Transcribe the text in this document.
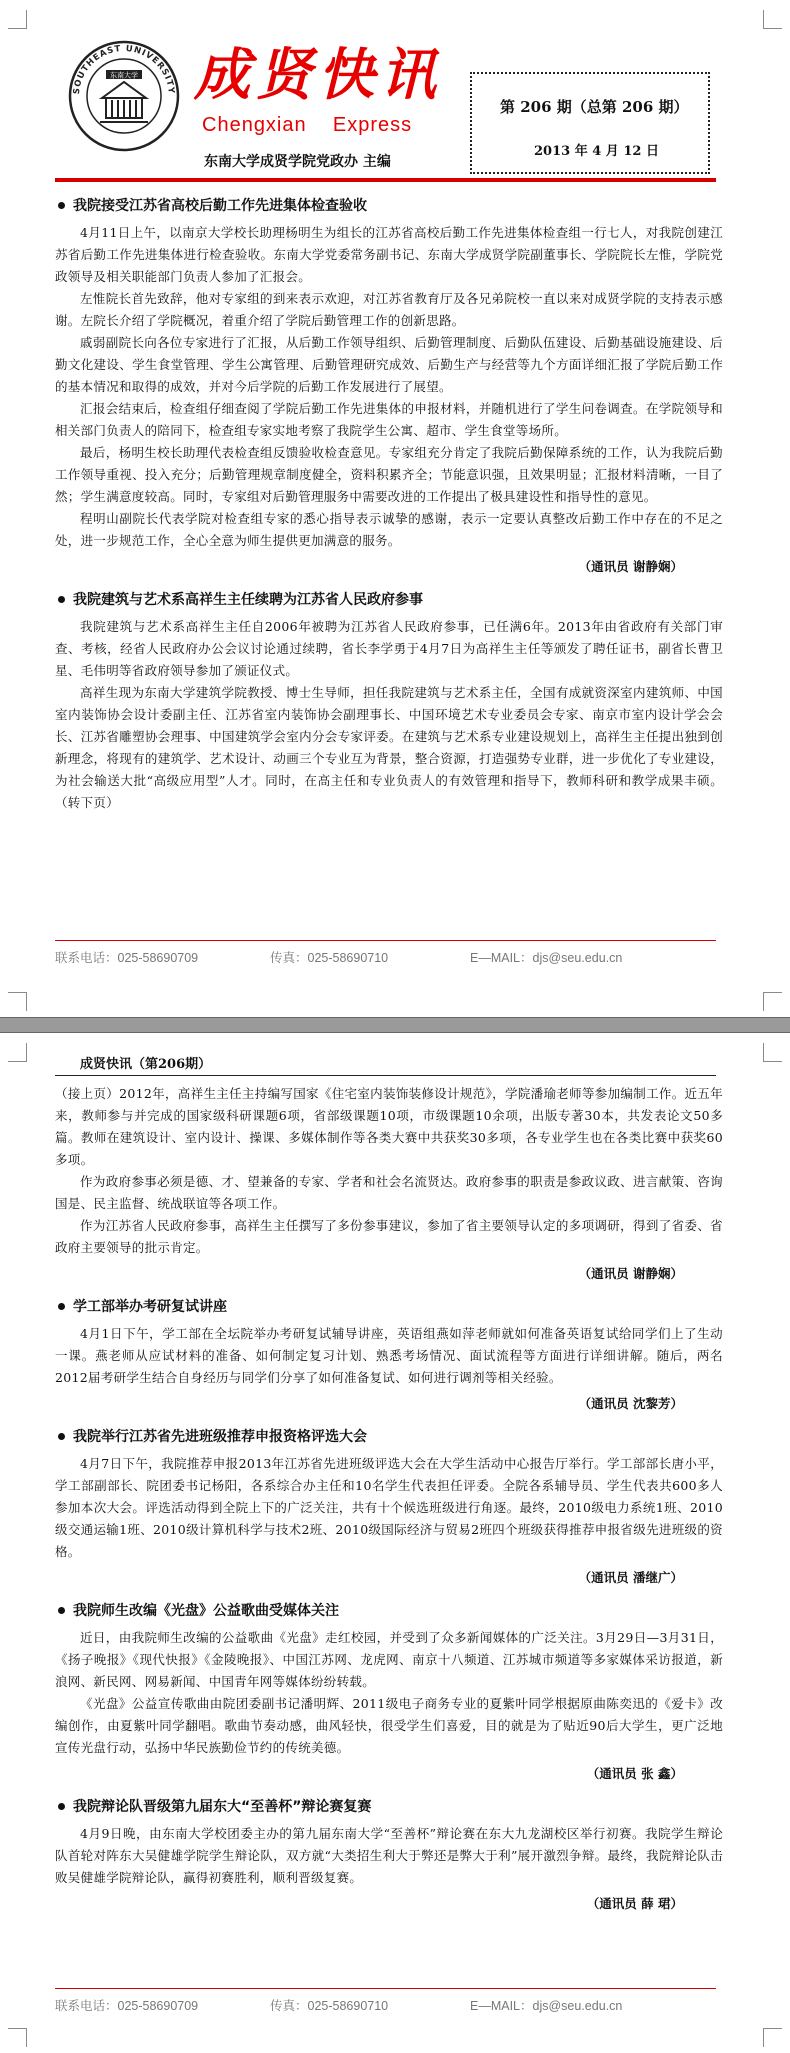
SOUTHEAST UNIVERSITY
东南大学 成贤快讯
Chengxian    Express
东南大学成贤学院党政办 主编
第 206 期（总第 206 期）
2013 年 4 月 12 日
我院接受江苏省高校后勤工作先进集体检查验收

4月11日上午，以南京大学校长助理杨明生为组长的江苏省高校后勤工作先进集体检查组一行七人，对我院创建江苏省后勤工作先进集体进行检查验收。东南大学党委常务副书记、东南大学成贤学院副董事长、学院院长左惟，学院党政领导及相关职能部门负责人参加了汇报会。

左惟院长首先致辞，他对专家组的到来表示欢迎，对江苏省教育厅及各兄弟院校一直以来对成贤学院的支持表示感谢。左院长介绍了学院概况，着重介绍了学院后勤管理工作的创新思路。

戚弱副院长向各位专家进行了汇报，从后勤工作领导组织、后勤管理制度、后勤队伍建设、后勤基础设施建设、后勤文化建设、学生食堂管理、学生公寓管理、后勤管理研究成效、后勤生产与经营等九个方面详细汇报了学院后勤工作的基本情况和取得的成效，并对今后学院的后勤工作发展进行了展望。

汇报会结束后，检查组仔细查阅了学院后勤工作先进集体的申报材料，并随机进行了学生问卷调查。在学院领导和相关部门负责人的陪同下，检查组专家实地考察了我院学生公寓、超市、学生食堂等场所。

最后，杨明生校长助理代表检查组反馈验收检查意见。专家组充分肯定了我院后勤保障系统的工作，认为我院后勤工作领导重视、投入充分；后勤管理规章制度健全，资料积累齐全；节能意识强，且效果明显；汇报材料清晰，一目了然；学生满意度较高。同时，专家组对后勤管理服务中需要改进的工作提出了极具建设性和指导性的意见。

程明山副院长代表学院对检查组专家的悉心指导表示诚挚的感谢，表示一定要认真整改后勤工作中存在的不足之处，进一步规范工作，全心全意为师生提供更加满意的服务。

（通讯员 谢静娴）
我院建筑与艺术系高祥生主任续聘为江苏省人民政府参事

我院建筑与艺术系高祥生主任自2006年被聘为江苏省人民政府参事，已任满6年。2013年由省政府有关部门审查、考核，经省人民政府办公会议讨论通过续聘，省长李学勇于4月7日为高祥生主任等颁发了聘任证书，副省长曹卫星、毛伟明等省政府领导参加了颁证仪式。

高祥生现为东南大学建筑学院教授、博士生导师，担任我院建筑与艺术系主任，全国有成就资深室内建筑师、中国室内装饰协会设计委副主任、江苏省室内装饰协会副理事长、中国环境艺术专业委员会专家、南京市室内设计学会会长、江苏省雕塑协会理事、中国建筑学会室内分会专家评委。在建筑与艺术系专业建设规划上，高祥生主任提出独到创新理念，将现有的建筑学、艺术设计、动画三个专业互为背景，整合资源，打造强势专业群，进一步优化了专业建设，为社会输送大批“高级应用型”人才。同时，在高主任和专业负责人的有效管理和指导下，教师科研和教学成果丰硕。（转下页）

联系电话：025-58690709	传真：025-58690710	E—MAIL：djs@seu.edu.cn
成贤快讯（第206期）

（接上页）2012年，高祥生主任主持编写国家《住宅室内装饰装修设计规范》，学院潘瑜老师等参加编制工作。近五年来，教师参与并完成的国家级科研课题6项，省部级课题10项，市级课题10余项，出版专著30本，共发表论文50多篇。教师在建筑设计、室内设计、操课、多媒体制作等各类大赛中共获奖30多项，各专业学生也在各类比赛中获奖60多项。

作为政府参事必须是德、才、望兼备的专家、学者和社会名流贤达。政府参事的职责是参政议政、进言献策、咨询国是、民主监督、统战联谊等各项工作。

作为江苏省人民政府参事，高祥生主任撰写了多份参事建议，参加了省主要领导认定的多项调研，得到了省委、省政府主要领导的批示肯定。

（通讯员 谢静娴）
学工部举办考研复试讲座

4月1日下午，学工部在全坛院举办考研复试辅导讲座，英语组燕如萍老师就如何准备英语复试给同学们上了生动一课。燕老师从应试材料的准备、如何制定复习计划、熟悉考场情况、面试流程等方面进行详细讲解。随后，两名2012届考研学生结合自身经历与同学们分享了如何准备复试、如何进行调剂等相关经验。

（通讯员 沈黎芳）
我院举行江苏省先进班级推荐申报资格评选大会

4月7日下午，我院推荐申报2013年江苏省先进班级评选大会在大学生活动中心报告厅举行。学工部部长唐小平，学工部副部长、院团委书记杨阳，各系综合办主任和10名学生代表担任评委。全院各系辅导员、学生代表共600多人参加本次大会。评选活动得到全院上下的广泛关注，共有十个候选班级进行角逐。最终，2010级电力系统1班、2010级交通运输1班、2010级计算机科学与技术2班、2010级国际经济与贸易2班四个班级获得推荐申报省级先进班级的资格。

（通讯员 潘继广）
我院师生改编《光盘》公益歌曲受媒体关注

近日，由我院师生改编的公益歌曲《光盘》走红校园，并受到了众多新闻媒体的广泛关注。3月29日—3月31日，《扬子晚报》《现代快报》《金陵晚报》、中国江苏网、龙虎网、南京十八频道、江苏城市频道等多家媒体采访报道，新浪网、新民网、网易新闻、中国青年网等媒体纷纷转载。

《光盘》公益宣传歌曲由院团委副书记潘明辉、2011级电子商务专业的夏紫叶同学根据原曲陈奕迅的《爱卡》改编创作，由夏紫叶同学翻唱。歌曲节奏动感，曲风轻快，很受学生们喜爱，目的就是为了贴近90后大学生，更广泛地宣传光盘行动，弘扬中华民族勤俭节约的传统美德。

（通讯员 张 鑫）
我院辩论队晋级第九届东大“至善杯”辩论赛复赛

4月9日晚，由东南大学校团委主办的第九届东南大学“至善杯”辩论赛在东大九龙湖校区举行初赛。我院学生辩论队首轮对阵东大吴健雄学院学生辩论队，双方就“大类招生利大于弊还是弊大于利”展开激烈争辩。最终，我院辩论队击败吴健雄学院辩论队，赢得初赛胜利，顺利晋级复赛。

（通讯员 薛 珺）
联系电话：025-58690709	传真：025-58690710	E—MAIL：djs@seu.edu.cn
